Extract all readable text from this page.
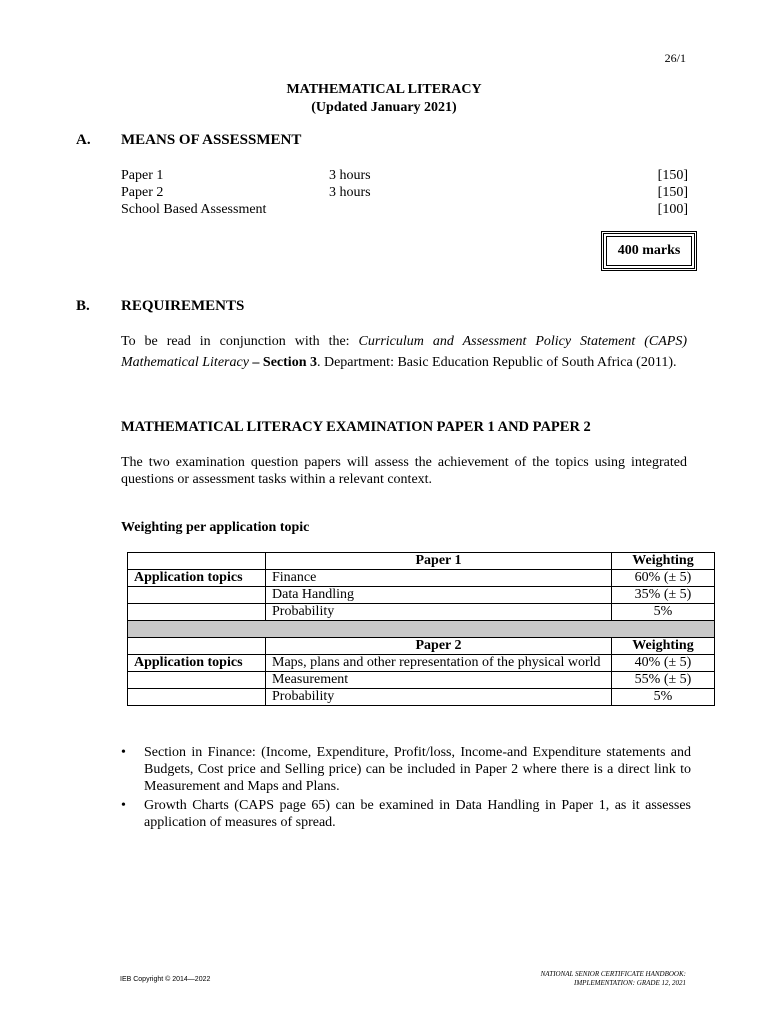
26/1
MATHEMATICAL LITERACY
(Updated January 2021)
A. MEANS OF ASSESSMENT
Paper 1	3 hours	[150]
Paper 2	3 hours	[150]
School Based Assessment	[100]
400 marks
B. REQUIREMENTS
To be read in conjunction with the: Curriculum and Assessment Policy Statement (CAPS) Mathematical Literacy – Section 3. Department: Basic Education Republic of South Africa (2011).
MATHEMATICAL LITERACY EXAMINATION PAPER 1 AND PAPER 2
The two examination question papers will assess the achievement of the topics using integrated questions or assessment tasks within a relevant context.
Weighting per application topic
	Paper 1	Weighting
Application topics	Finance	60% (± 5)
	Data Handling	35% (± 5)
	Probability	5%

	Paper 2	Weighting
Application topics	Maps, plans and other representation of the physical world	40% (± 5)
	Measurement	55% (± 5)
	Probability	5%
• Section in Finance: (Income, Expenditure, Profit/loss, Income-and Expenditure statements and Budgets, Cost price and Selling price) can be included in Paper 2 where there is a direct link to Measurement and Maps and Plans.
• Growth Charts (CAPS page 65) can be examined in Data Handling in Paper 1, as it assesses application of measures of spread.
IEB Copyright © 2014—2022
NATIONAL SENIOR CERTIFICATE HANDBOOK:
IMPLEMENTATION: GRADE 12, 2021
